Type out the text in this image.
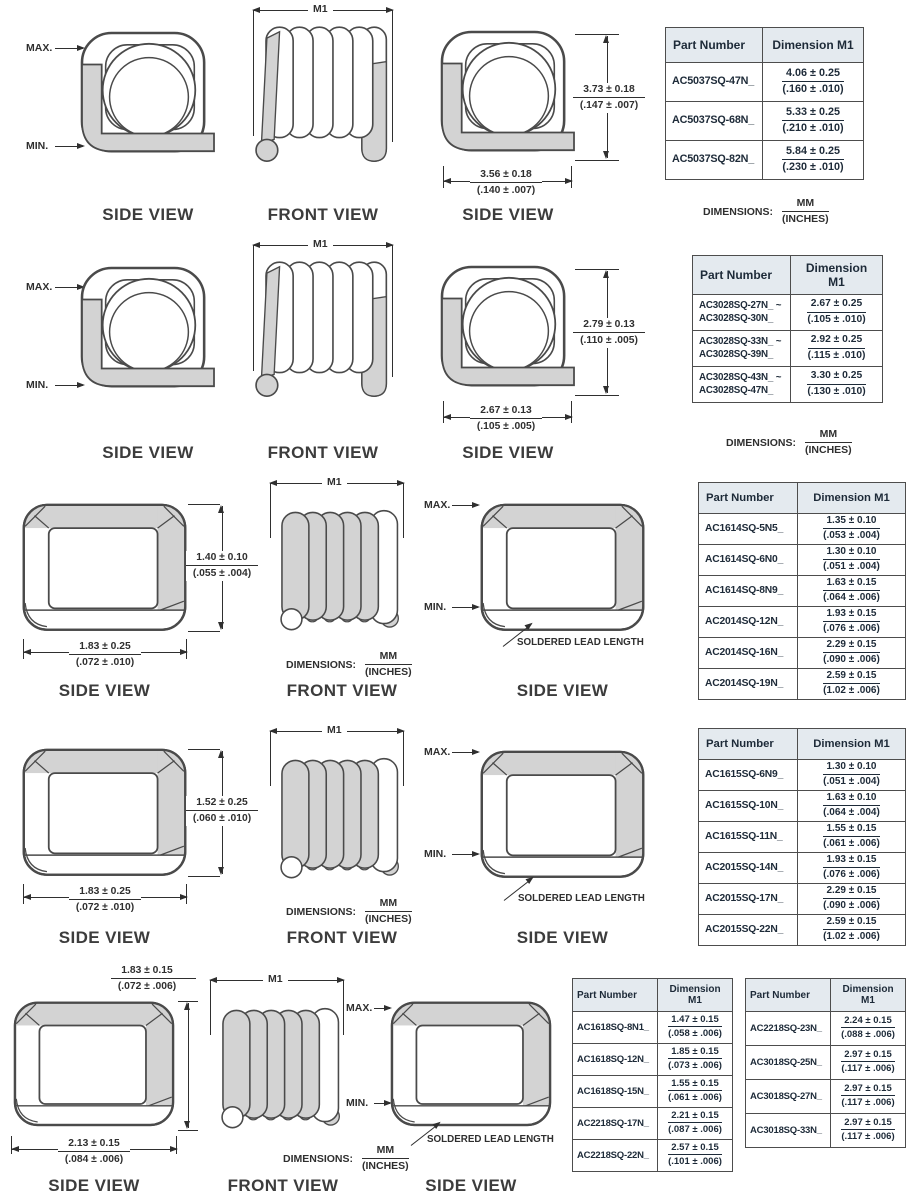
MAX.
MIN.
SIDE VIEW
M1
FRONT VIEW
$\frac{3.73 \pm 0.18}{(.147 \pm .007)}$
$\frac{3.56 \pm 0.18}{(.140 \pm .007)}$
SIDE VIEW
Part Number	Dimension M1
AC5037SQ-47N_	$\frac{4.06 \pm 0.25}{(.160 \pm .010)}$

AC5037SQ-68N_	$\frac{5.33 \pm 0.25}{(.210 \pm .010)}$

AC5037SQ-82N_	$\frac{5.84 \pm 0.25}{(.230 \pm .010)}$
DIMENSIONS: $\frac{MM}{\text{(INCHES)}}$
MAX.
MIN.
SIDE VIEW
M1
FRONT VIEW
$\frac{2.79 \pm 0.13}{(.110 \pm .005)}$
$\frac{2.67 \pm 0.13}{(.105 \pm .005)}$
SIDE VIEW
Part Number	Dimension M1

AC3028SQ-27N_ ~
AC3028SQ-30N_	$\frac{2.67 \pm 0.25}{(.105 \pm .010)}$

AC3028SQ-33N_ ~
AC3028SQ-39N_	$\frac{2.92 \pm 0.25}{(.115 \pm .010)}$

AC3028SQ-43N_ ~
AC3028SQ-47N_	$\frac{3.30 \pm 0.25}{(.130 \pm .010)}$
DIMENSIONS: $\frac{MM}{\text{(INCHES)}}$
$\frac{1.40 \pm 0.10}{(.055 \pm .004)}$
$\frac{1.83 \pm 0.25}{(.072 \pm .010)}$
SIDE VIEW
M1
DIMENSIONS: $\frac{MM}{\text{(INCHES)}}$
FRONT VIEW
MAX.
MIN.
SOLDERED LEAD LENGTH
SIDE VIEW
Part Number	Dimension M1
AC1614SQ-5N5_	$\frac{1.35 \pm 0.10}{(.053 \pm .004)}$

AC1614SQ-6N0_	$\frac{1.30 \pm 0.10}{(.051 \pm .004)}$

AC1614SQ-8N9_	$\frac{1.63 \pm 0.15}{(.064 \pm .006)}$

AC2014SQ-12N_	$\frac{1.93 \pm 0.15}{(.076 \pm .006)}$

AC2014SQ-16N_	$\frac{2.29 \pm 0.15}{(.090 \pm .006)}$

AC2014SQ-19N_	$\frac{2.59 \pm 0.15}{(1.02 \pm .006)}$
$\frac{1.52 \pm 0.25}{(.060 \pm .010)}$
$\frac{1.83 \pm 0.25}{(.072 \pm .010)}$
SIDE VIEW
M1
DIMENSIONS: $\frac{MM}{\text{(INCHES)}}$
FRONT VIEW
MAX.
MIN.
SOLDERED LEAD LENGTH
SIDE VIEW
Part Number	Dimension M1
AC1615SQ-6N9_	$\frac{1.30 \pm 0.10}{(.051 \pm .004)}$

AC1615SQ-10N_	$\frac{1.63 \pm 0.10}{(.064 \pm .004)}$

AC1615SQ-11N_	$\frac{1.55 \pm 0.15}{(.061 \pm .006)}$

AC2015SQ-14N_	$\frac{1.93 \pm 0.15}{(.076 \pm .006)}$

AC2015SQ-17N_	$\frac{2.29 \pm 0.15}{(.090 \pm .006)}$

AC2015SQ-22N_	$\frac{2.59 \pm 0.15}{(1.02 \pm .006)}$
$\frac{1.83 \pm 0.15}{(.072 \pm .006)}$
$\frac{2.13 \pm 0.15}{(.084 \pm .006)}$
SIDE VIEW
M1
DIMENSIONS: $\frac{MM}{\text{(INCHES)}}$
FRONT VIEW
MAX.
MIN.
SOLDERED LEAD LENGTH
SIDE VIEW
Part Number	Dimension M1
AC1618SQ-8N1_	$\frac{1.47 \pm 0.15}{(.058 \pm .006)}$

AC1618SQ-12N_	$\frac{1.85 \pm 0.15}{(.073 \pm .006)}$

AC1618SQ-15N_	$\frac{1.55 \pm 0.15}{(.061 \pm .006)}$

AC2218SQ-17N_	$\frac{2.21 \pm 0.15}{(.087 \pm .006)}$

AC2218SQ-22N_	$\frac{2.57 \pm 0.15}{(.101 \pm .006)}$
Part Number	Dimension M1
AC2218SQ-23N_	$\frac{2.24 \pm 0.15}{(.088 \pm .006)}$

AC3018SQ-25N_	$\frac{2.97 \pm 0.15}{(.117 \pm .006)}$

AC3018SQ-27N_	$\frac{2.97 \pm 0.15}{(.117 \pm .006)}$

AC3018SQ-33N_	$\frac{2.97 \pm 0.15}{(.117 \pm .006)}$
